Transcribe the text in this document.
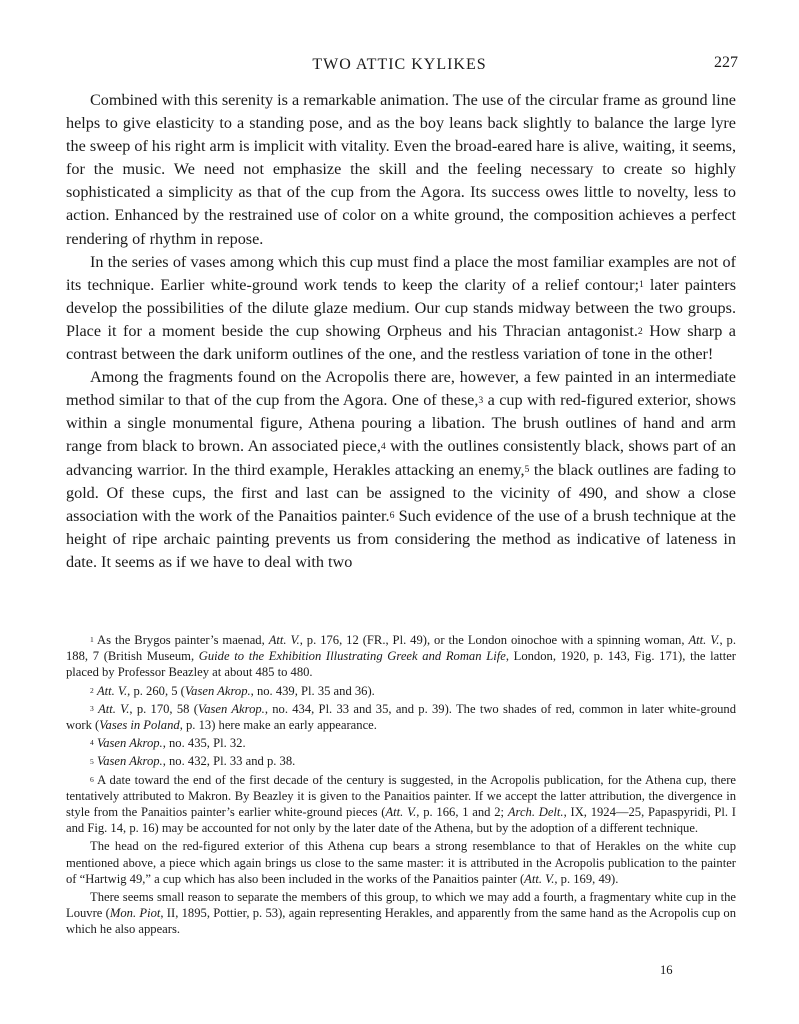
TWO ATTIC KYLIKES	227

Combined with this serenity is a remarkable animation. The use of the circular frame as ground line helps to give elasticity to a standing pose, and as the boy leans back slightly to balance the large lyre the sweep of his right arm is implicit with vitality. Even the broad-eared hare is alive, waiting, it seems, for the music. We need not emphasize the skill and the feeling necessary to create so highly sophisticated a simplicity as that of the cup from the Agora. Its success owes little to novelty, less to action. Enhanced by the restrained use of color on a white ground, the composition achieves a perfect rendering of rhythm in repose.

In the series of vases among which this cup must find a place the most familiar examples are not of its technique. Earlier white-ground work tends to keep the clarity of a relief contour;$^1$ later painters develop the possibilities of the dilute glaze medium. Our cup stands midway between the two groups. Place it for a moment beside the cup showing Orpheus and his Thracian antagonist.$^2$ How sharp a contrast between the dark uniform outlines of the one, and the restless variation of tone in the other!

Among the fragments found on the Acropolis there are, however, a few painted in an intermediate method similar to that of the cup from the Agora. One of these,$^3$ a cup with red-figured exterior, shows within a single monumental figure, Athena pouring a libation. The brush outlines of hand and arm range from black to brown. An associated piece,$^4$ with the outlines consistently black, shows part of an advancing warrior. In the third example, Herakles attacking an enemy,$^5$ the black outlines are fading to gold. Of these cups, the first and last can be assigned to the vicinity of 490, and show a close association with the work of the Panaitios painter.$^6$ Such evidence of the use of a brush technique at the height of ripe archaic painting prevents us from considering the method as indicative of lateness in date. It seems as if we have to deal with two

$^1$ As the Brygos painter’s maenad, Att. V., p. 176, 12 (FR., Pl. 49), or the London oinochoe with a spinning woman, Att. V., p. 188, 7 (British Museum, Guide to the Exhibition Illustrating Greek and Roman Life, London, 1920, p. 143, Fig. 171), the latter placed by Professor Beazley at about 485 to 480.

$^2$ Att. V., p. 260, 5 (Vasen Akrop., no. 439, Pl. 35 and 36).

$^3$ Att. V., p. 170, 58 (Vasen Akrop., no. 434, Pl. 33 and 35, and p. 39). The two shades of red, common in later white-ground work (Vases in Poland, p. 13) here make an early appearance.

$^4$ Vasen Akrop., no. 435, Pl. 32.

$^5$ Vasen Akrop., no. 432, Pl. 33 and p. 38.

$^6$ A date toward the end of the first decade of the century is suggested, in the Acropolis publication, for the Athena cup, there tentatively attributed to Makron. By Beazley it is given to the Panaitios painter. If we accept the latter attribution, the divergence in style from the Panaitios painter’s earlier white-ground pieces (Att. V., p. 166, 1 and 2; Arch. Delt., IX, 1924—25, Papaspyridi, Pl. I and Fig. 14, p. 16) may be accounted for not only by the later date of the Athena, but by the adoption of a different technique.

The head on the red-figured exterior of this Athena cup bears a strong resemblance to that of Herakles on the white cup mentioned above, a piece which again brings us close to the same master: it is attributed in the Acropolis publication to the painter of “Hartwig 49,” a cup which has also been included in the works of the Panaitios painter (Att. V., p. 169, 49).

There seems small reason to separate the members of this group, to which we may add a fourth, a fragmentary white cup in the Louvre (Mon. Piot, II, 1895, Pottier, p. 53), again representing Herakles, and apparently from the same hand as the Acropolis cup on which he also appears.

16
